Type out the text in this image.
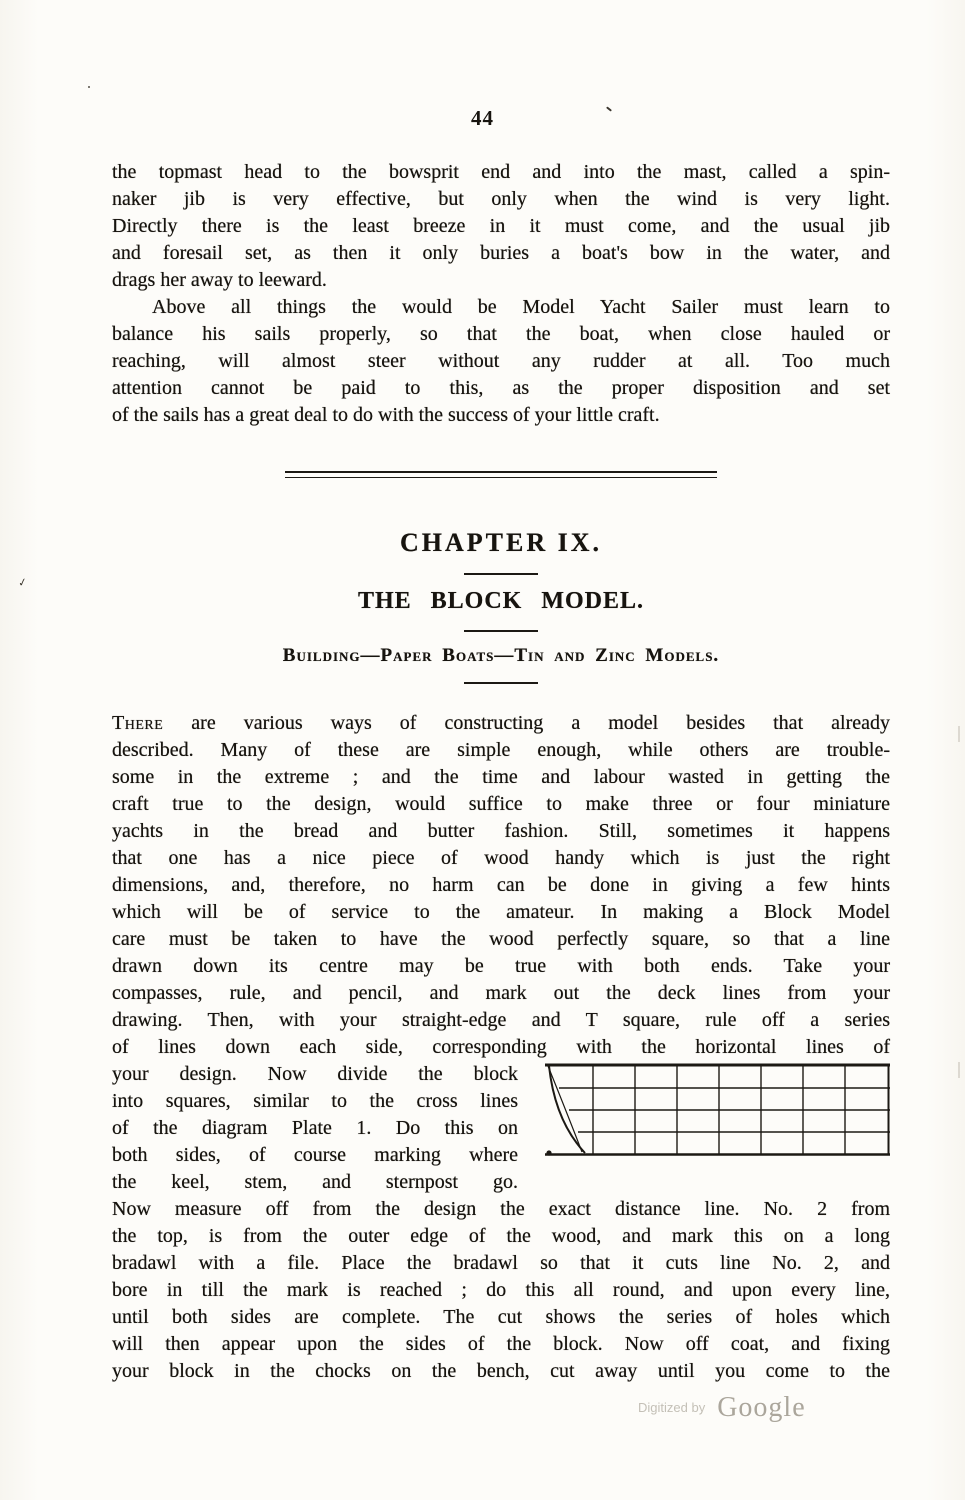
44
the topmast head to the bowsprit end and into the mast, called a spin-
naker jib is very effective, but only when the wind is very light.
Directly there is the least breeze in it must come, and the usual jib
and foresail set, as then it only buries a boat's bow in the water, and
drags her away to leeward.
Above all things the would be Model Yacht Sailer must learn to
balance his sails properly, so that the boat, when close hauled or
reaching, will almost steer without any rudder at all. Too much
attention cannot be paid to this, as the proper disposition and set
of the sails has a great deal to do with the success of your little craft.
CHAPTER IX.
THE BLOCK MODEL.
Building—Paper Boats—Tin and Zinc Models.
There are various ways of constructing a model besides that already
described. Many of these are simple enough, while others are trouble-
some in the extreme ; and the time and labour wasted in getting the
craft true to the design, would suffice to make three or four miniature
yachts in the bread and butter fashion. Still, sometimes it happens
that one has a nice piece of wood handy which is just the right
dimensions, and, therefore, no harm can be done in giving a few hints
which will be of service to the amateur. In making a Block Model
care must be taken to have the wood perfectly square, so that a line
drawn down its centre may be true with both ends. Take your
compasses, rule, and pencil, and mark out the deck lines from your
drawing. Then, with your straight-edge and T square, rule off a series
of lines down each side, corresponding with the horizontal lines of
your design. Now divide the block
into squares, similar to the cross lines
of the diagram Plate 1. Do this on
both sides, of course marking where
the keel, stem, and sternpost go.
Now measure off from the design the exact distance line. No. 2 from
the top, is from the outer edge of the wood, and mark this on a long
bradawl with a file. Place the bradawl so that it cuts line No. 2, and
bore in till the mark is reached ; do this all round, and upon every line,
until both sides are complete. The cut shows the series of holes which
will then appear upon the sides of the block. Now off coat, and fixing
your block in the chocks on the bench, cut away until you come to the
✓
$^{Digitized by}$ Google
